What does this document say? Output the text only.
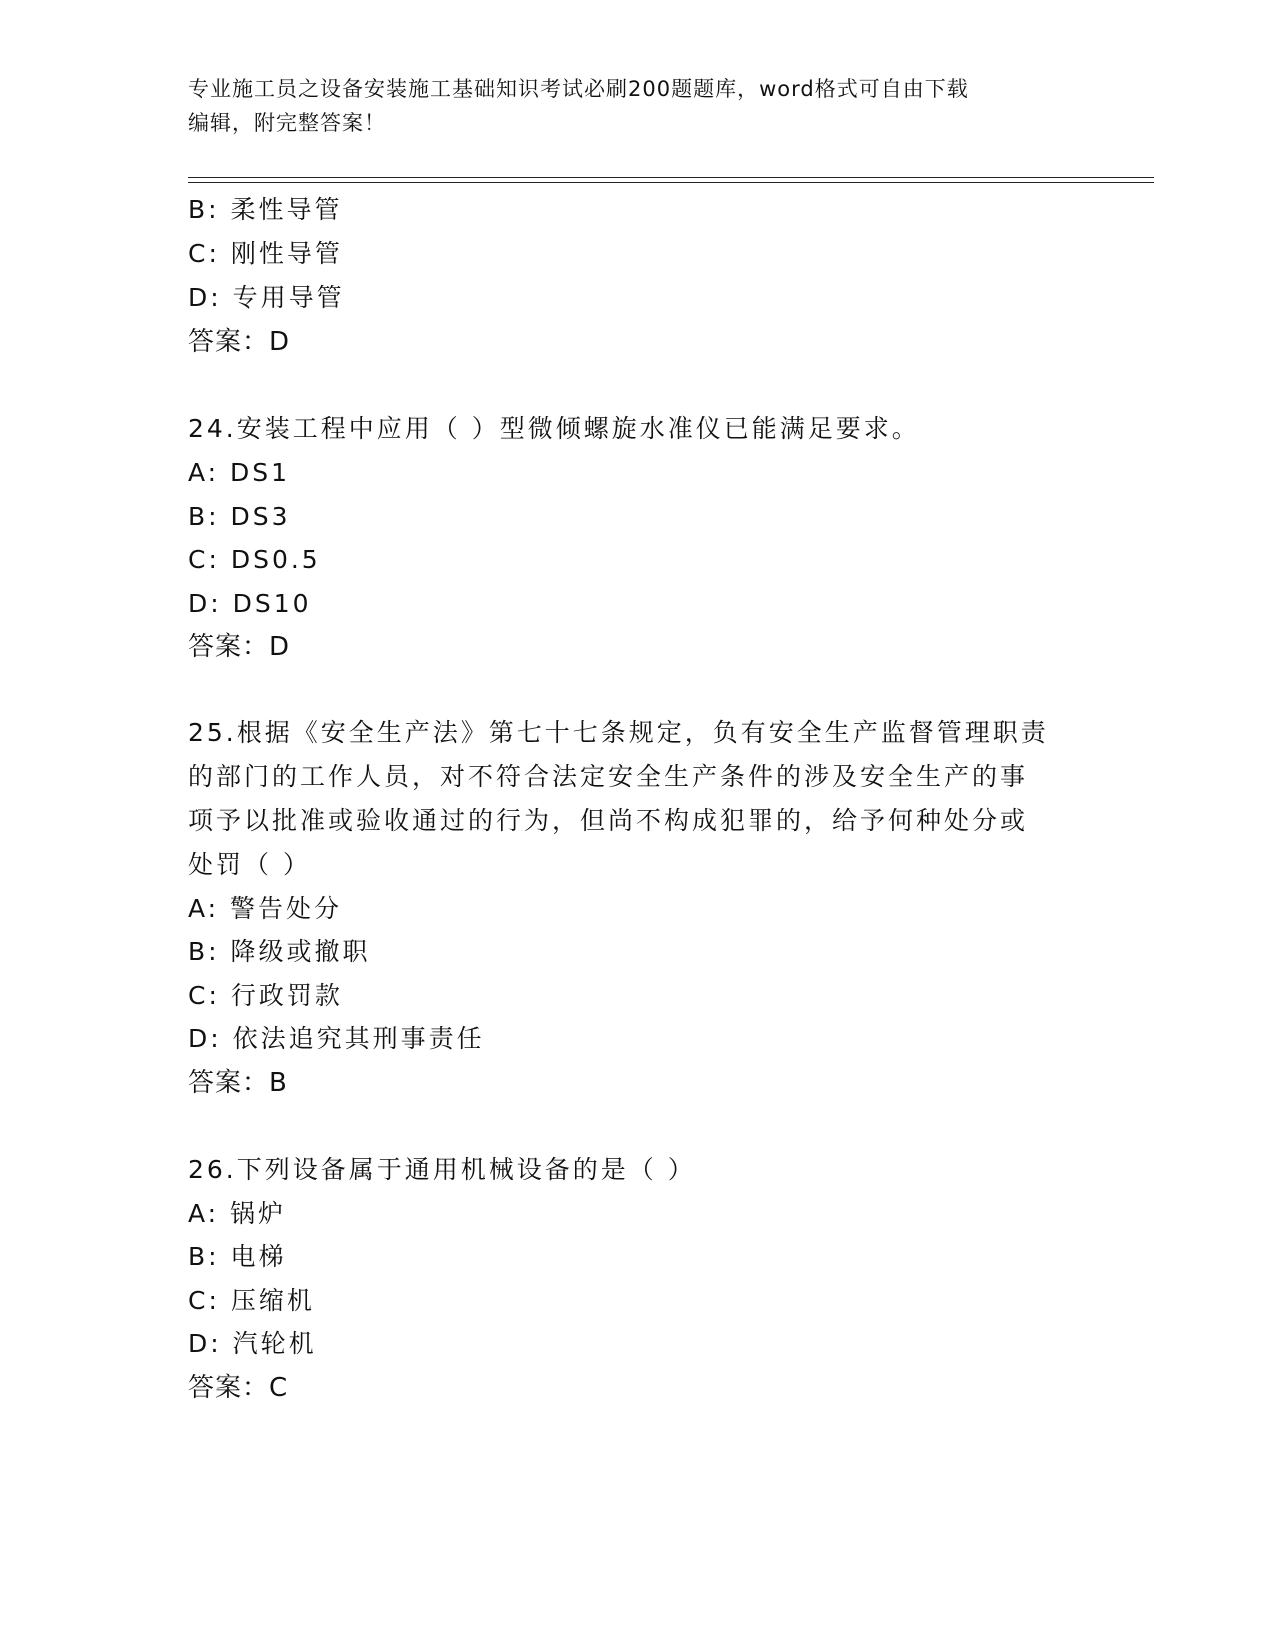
专业施工员之设备安装施工基础知识考试必刷200题题库，word格式可自由下载
编辑，附完整答案！
B: 柔性导管
C: 刚性导管
D: 专用导管
答案：D
24.安装工程中应用（ ）型微倾螺旋水准仪已能满足要求。
A: DS1
B: DS3
C: DS0.5
D: DS10
答案：D
25.根据《安全生产法》第七十七条规定，负有安全生产监督管理职责
的部门的工作人员，对不符合法定安全生产条件的涉及安全生产的事
项予以批准或验收通过的行为，但尚不构成犯罪的，给予何种处分或
处罚（ ）
A: 警告处分
B: 降级或撤职
C: 行政罚款
D: 依法追究其刑事责任
答案：B
26.下列设备属于通用机械设备的是（ ）
A: 锅炉
B: 电梯
C: 压缩机
D: 汽轮机
答案：C
